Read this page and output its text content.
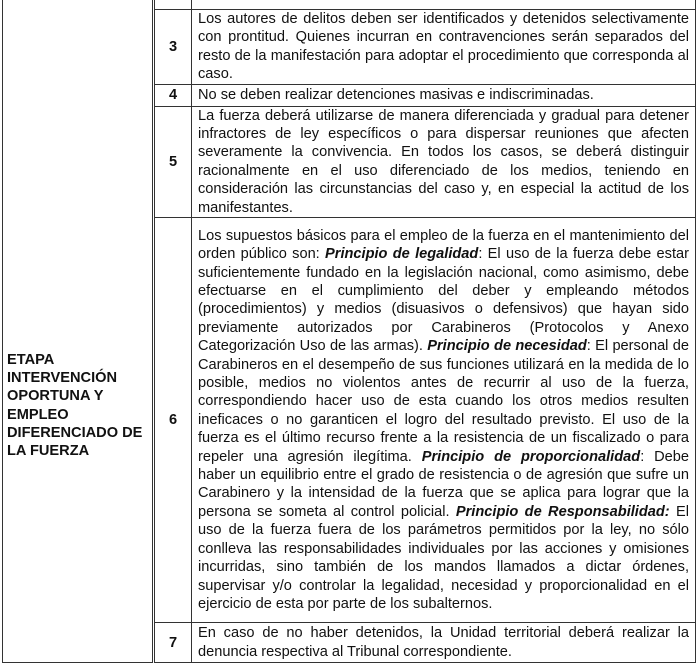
ETAPA INTERVENCIÓN OPORTUNA Y EMPLEO DIFERENCIADO DE LA FUERZA		

	3	Los autores de delitos deben ser identificados y detenidos selectivamente con prontitud. Quienes incurran en contravenciones serán separados del resto de la manifestación para adoptar el procedimiento que corresponda al caso.
	4	No se deben realizar detenciones masivas e indiscriminadas.
	5	La fuerza deberá utilizarse de manera diferenciada y gradual para detener infractores de ley específicos o para dispersar reuniones que afecten severamente la convivencia. En todos los casos, se deberá distinguir racionalmente en el uso diferenciado de los medios, teniendo en consideración las circunstancias del caso y, en especial la actitud de los manifestantes.
	6	Los supuestos básicos para el empleo de la fuerza en el mantenimiento del orden público son: Principio de legalidad: El uso de la fuerza debe estar suficientemente fundado en la legislación nacional, como asimismo, debe efectuarse en el cumplimiento del deber y empleando métodos (procedimientos) y medios (disuasivos o defensivos) que hayan sido previamente autorizados por Carabineros (Protocolos y Anexo Categorización Uso de las armas). Principio de necesidad: El personal de Carabineros en el desempeño de sus funciones utilizará en la medida de lo posible, medios no violentos antes de recurrir al uso de la fuerza, correspondiendo hacer uso de esta cuando los otros medios resulten ineficaces o no garanticen el logro del resultado previsto. El uso de la fuerza es el último recurso frente a la resistencia de un fiscalizado o para repeler una agresión ilegítima. Principio de proporcionalidad: Debe haber un equilibrio entre el grado de resistencia o de agresión que sufre un Carabinero y la intensidad de la fuerza que se aplica para lograr que la persona se someta al control policial. Principio de Responsabilidad: El uso de la fuerza fuera de los parámetros permitidos por la ley, no sólo conlleva las responsabilidades individuales por las acciones y omisiones incurridas, sino también de los mandos llamados a dictar órdenes, supervisar y/o controlar la legalidad, necesidad y proporcionalidad en el ejercicio de esta por parte de los subalternos.
	7	En caso de no haber detenidos, la Unidad territorial deberá realizar la denuncia respectiva al Tribunal correspondiente.
